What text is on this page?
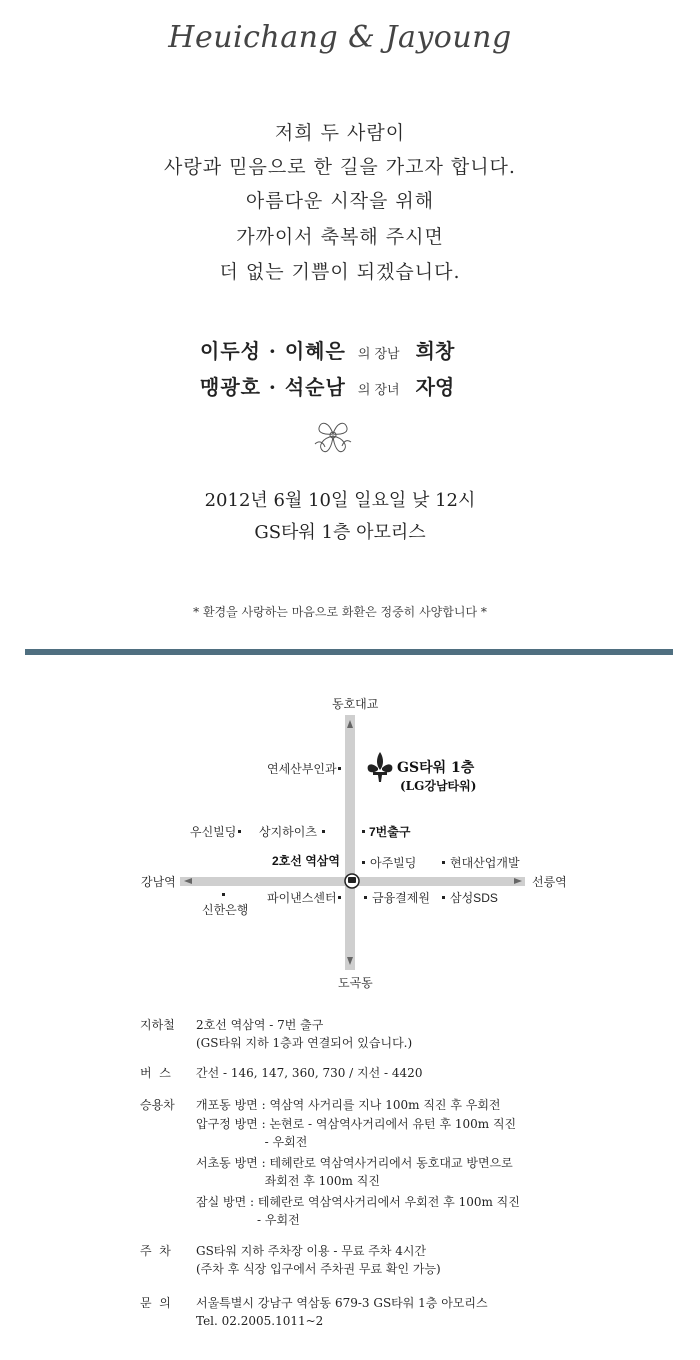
Heuichang & Jayoung
저희 두 사람이
사랑과 믿음으로 한 길을 가고자 합니다.
아름다운 시작을 위해
가까이서 축복해 주시면
더 없는 기쁨이 되겠습니다.
이두성 · 이혜은 의 장남 희창
맹광호 · 석순남 의 장녀 자영
2012년 6월 10일 일요일 낮 12시
GS타워 1층 아모리스
* 환경을 사랑하는 마음으로 화환은 정중히 사양합니다 *
동호대교
도곡동
강남역	선릉역
GS타워 1층
(LG강남타워)
연세산부인과
우신빌딩 상지하이츠	7번출구
2호선 역삼역	아주빌딩	현대산업개발
신한은행
파이낸스센터	금융결제원 삼성SDS
지하철	2호선 역삼역 - 7번 출구
(GS타워 지하 1층과 연결되어 있습니다.)
버  스	간선 - 146, 147, 360, 730 / 지선 - 4420
승용차	개포동 방면 : 역삼역 사거리를 지나 100m 직진 후 우회전
압구정 방면 : 논현로 - 역삼역사거리에서 유턴 후 100m 직진
- 우회전
서초동 방면 : 테헤란로 역삼역사거리에서 동호대교 방면으로
좌회전 후 100m 직진
잠실 방면 : 테헤란로 역삼역사거리에서 우회전 후 100m 직진
- 우회전
주  차	GS타워 지하 주차장 이용 - 무료 주차 4시간
(주차 후 식장 입구에서 주차권 무료 확인 가능)
문  의	서울특별시 강남구 역삼동 679-3 GS타워 1층 아모리스
Tel. 02.2005.1011~2
